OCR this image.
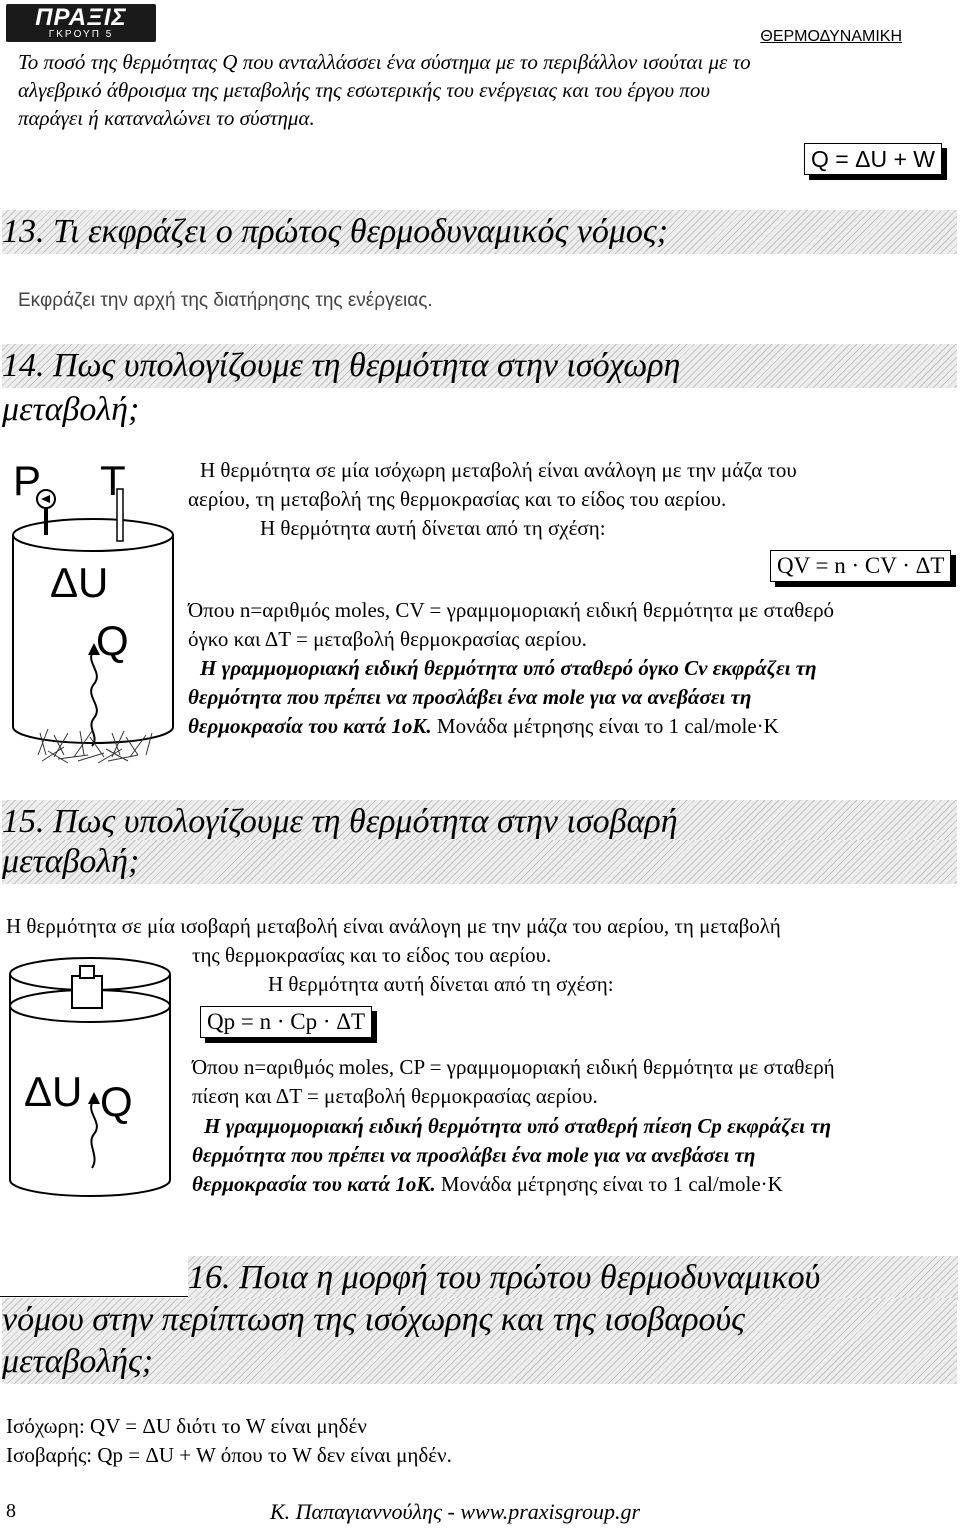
ΠΡΑΞΙΣ
ΓΚΡΟΥΠ 5	ΘΕΡΜΟΔΥΝΑΜΙΚΗ
Το ποσό της θερμότητας Q που ανταλλάσσει ένα σύστημα με το περιβάλλον ισούται με το
αλγεβρικό άθροισμα της μεταβολής της εσωτερικής του ενέργειας και του έργου που
παράγει ή καταναλώνει το σύστημα.
Q = ΔU + W
13. Τι εκφράζει ο πρώτος θερμοδυναμικός νόμος;
Εκφράζει την αρχή της διατήρησης της ενέργειας.
14. Πως υπολογίζουμε τη θερμότητα στην ισόχωρη
μεταβολή;
P T
ΔU
Q
Η θερμότητα σε μία ισόχωρη μεταβολή είναι ανάλογη με την μάζα του
αερίου, τη μεταβολή της θερμοκρασίας και το είδος του αερίου.
Η θερμότητα αυτή δίνεται από τη σχέση:
QV = n · CV · ΔT
Όπου n=αριθμός moles, CV = γραμμομοριακή ειδική θερμότητα με σταθερό
όγκο και ΔT = μεταβολή θερμοκρασίας αερίου.
Η γραμμομοριακή ειδική θερμότητα υπό σταθερό όγκο Cv εκφράζει τη
θερμότητα που πρέπει να προσλάβει ένα mole για να ανεβάσει τη
θερμοκρασία του κατά 1οK. Μονάδα μέτρησης είναι το 1 cal/mole·K
15. Πως υπολογίζουμε τη θερμότητα στην ισοβαρή
μεταβολή;
Η θερμότητα σε μία ισοβαρή μεταβολή είναι ανάλογη με την μάζα του αερίου, τη μεταβολή
της θερμοκρασίας και το είδος του αερίου.
Η θερμότητα αυτή δίνεται από τη σχέση:
ΔU Q
Qp = n · Cp · ΔT
Όπου n=αριθμός moles, CP = γραμμομοριακή ειδική θερμότητα με σταθερή
πίεση και ΔT = μεταβολή θερμοκρασίας αερίου.
Η γραμμομοριακή ειδική θερμότητα υπό σταθερή πίεση Cp εκφράζει τη
θερμότητα που πρέπει να προσλάβει ένα mole για να ανεβάσει τη
θερμοκρασία του κατά 1οK. Μονάδα μέτρησης είναι το 1 cal/mole·K
16. Ποια η μορφή του πρώτου θερμοδυναμικού
νόμου στην περίπτωση της ισόχωρης και της ισοβαρούς
μεταβολής;
Ισόχωρη: QV = ΔU διότι το W είναι μηδέν
Ισοβαρής: Qp = ΔU + W όπου το W δεν είναι μηδέν.
8	Κ. Παπαγιαννούλης - www.praxisgroup.gr
